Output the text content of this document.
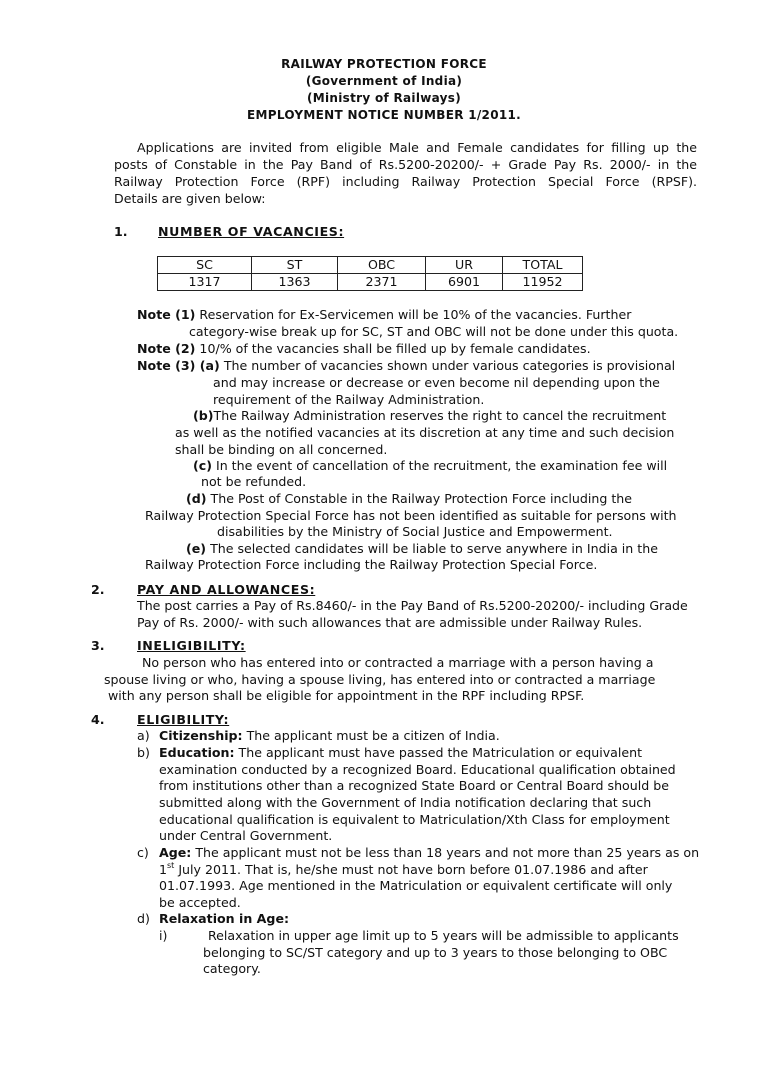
RAILWAY PROTECTION FORCE
(Government of India)
(Ministry of Railways)
EMPLOYMENT NOTICE NUMBER 1/2011.
Applications are invited from eligible Male and Female candidates for filling up the
posts of Constable in the Pay Band of Rs.5200-20200/- + Grade Pay Rs. 2000/- in the
Railway Protection Force (RPF) including Railway Protection Special Force (RPSF).
Details are given below:
1. NUMBER OF VACANCIES:
SC	ST	OBC	UR	TOTAL
1317	1363	2371	6901	11952
Note (1) Reservation for Ex-Servicemen will be 10% of the vacancies. Further
category-wise break up for SC, ST and OBC will not be done under this quota.
Note (2) 10/% of the vacancies shall be filled up by female candidates.
Note (3) (a) The number of vacancies shown under various categories is provisional
and may increase or decrease or even become nil depending upon the
requirement of the Railway Administration.
(b)The Railway Administration reserves the right to cancel the recruitment
as well as the notified vacancies at its discretion at any time and such decision
shall be binding on all concerned.
(c) In the event of cancellation of the recruitment, the examination fee will
not be refunded.
(d) The Post of Constable in the Railway Protection Force including the
Railway Protection Special Force has not been identified as suitable for persons with
disabilities by the Ministry of Social Justice and Empowerment.
(e) The selected candidates will be liable to serve anywhere in India in the
Railway Protection Force including the Railway Protection Special Force.
2.	PAY AND ALLOWANCES:
The post carries a Pay of Rs.8460/- in the Pay Band of Rs.5200-20200/- including Grade
Pay of Rs. 2000/- with such allowances that are admissible under Railway Rules.
3.	INELIGIBILITY:
No person who has entered into or contracted a marriage with a person having a
spouse living or who, having a spouse living, has entered into or contracted a marriage
with any person shall be eligible for appointment in the RPF including RPSF.
4.	ELIGIBILITY:
a) Citizenship: The applicant must be a citizen of India.
b) Education: The applicant must have passed the Matriculation or equivalent
examination conducted by a recognized Board. Educational qualification obtained
from institutions other than a recognized State Board or Central Board should be
submitted along with the Government of India notification declaring that such
educational qualification is equivalent to Matriculation/Xth Class for employment
under Central Government.
c) Age: The applicant must not be less than 18 years and not more than 25 years as on
1st July 2011. That is, he/she must not have born before 01.07.1986 and after
01.07.1993. Age mentioned in the Matriculation or equivalent certificate will only
be accepted.
d) Relaxation in Age:
i)	Relaxation in upper age limit up to 5 years will be admissible to applicants
belonging to SC/ST category and up to 3 years to those belonging to OBC
category.
